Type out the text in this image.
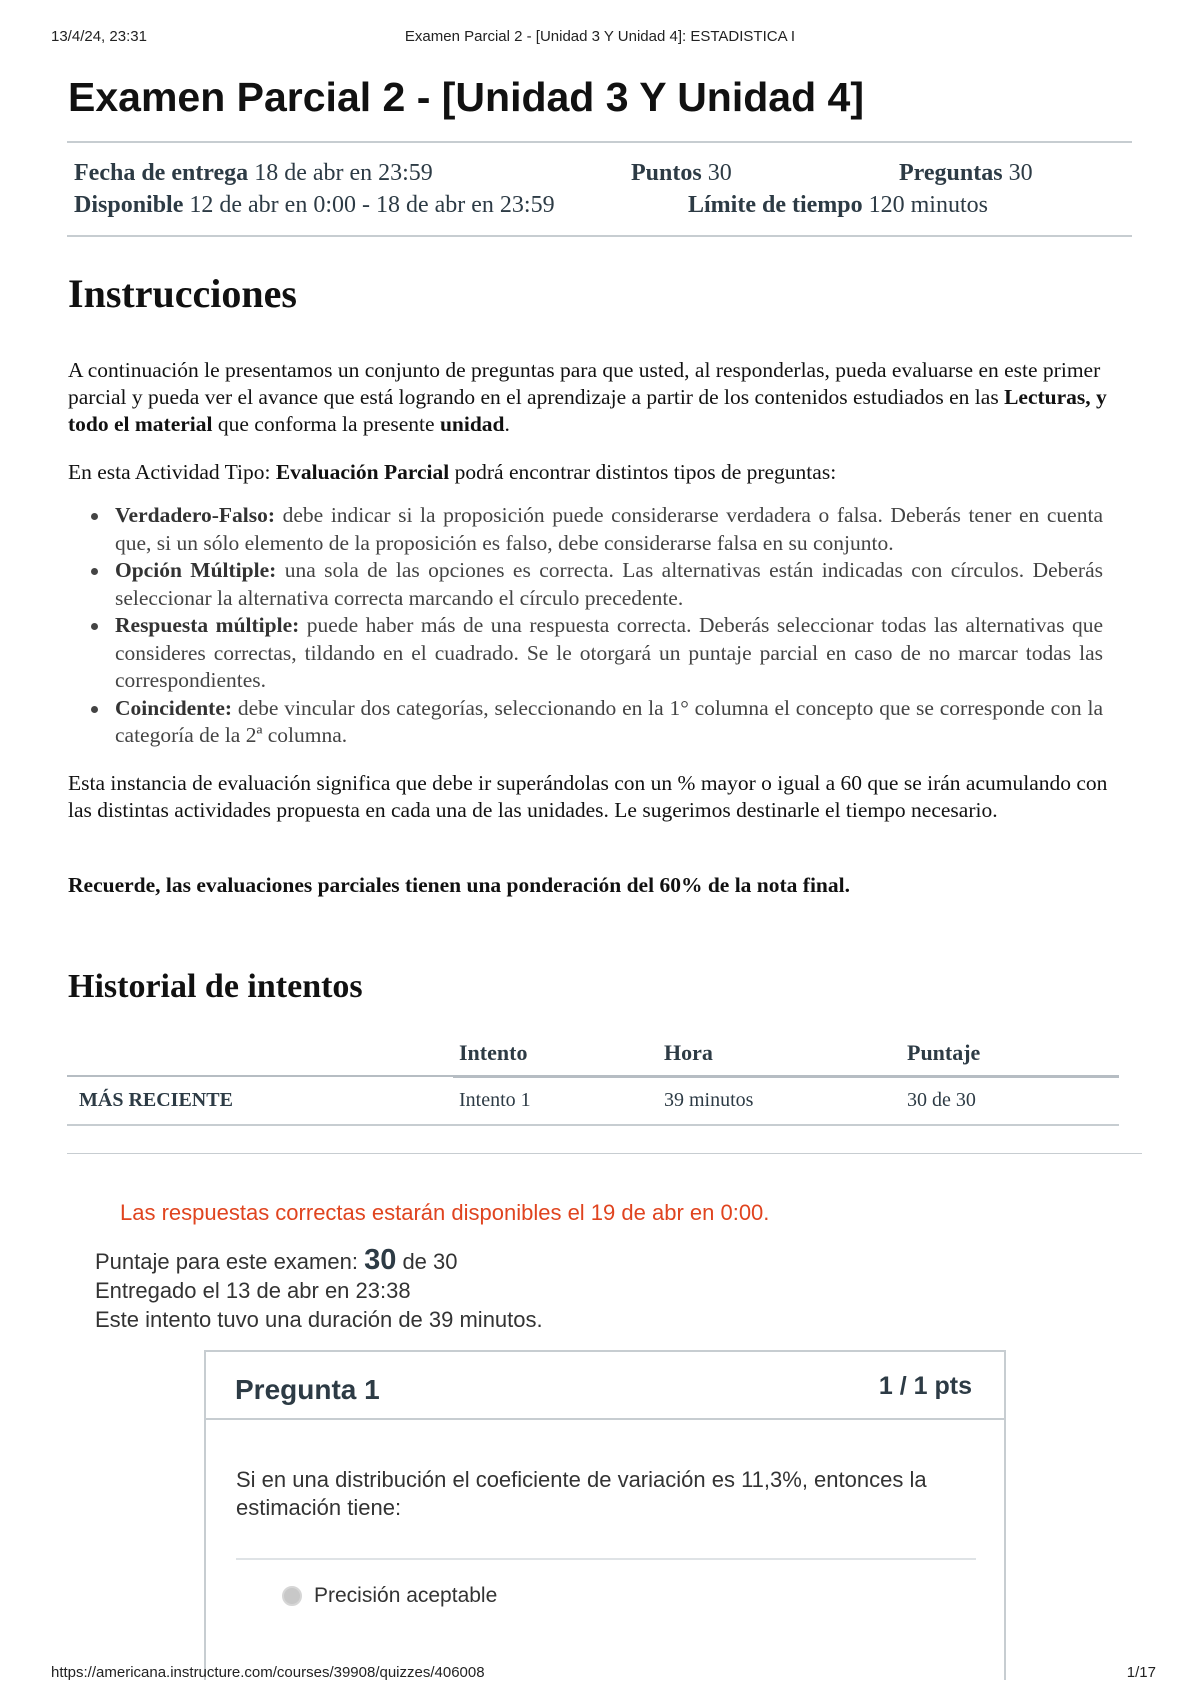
13/4/24, 23:31	Examen Parcial 2 - [Unidad 3 Y Unidad 4]: ESTADISTICA I
Examen Parcial 2 - [Unidad 3 Y Unidad 4]
Fecha de entrega 18 de abr en 23:59	Puntos 30	Preguntas 30
Disponible 12 de abr en 0:00 - 18 de abr en 23:59	Límite de tiempo 120 minutos
Instrucciones

A continuación le presentamos un conjunto de preguntas para que usted, al responderlas, pueda evaluarse en este primer parcial y pueda ver el avance que está logrando en el aprendizaje a partir de los contenidos estudiados en las Lecturas, y todo el material que conforma la presente unidad.

En esta Actividad Tipo: Evaluación Parcial podrá encontrar distintos tipos de preguntas:

Verdadero-Falso: debe indicar si la proposición puede considerarse verdadera o falsa. Deberás tener en cuenta que, si un sólo elemento de la proposición es falso, debe considerarse falsa en su conjunto.
Opción Múltiple: una sola de las opciones es correcta. Las alternativas están indicadas con círculos. Deberás seleccionar la alternativa correcta marcando el círculo precedente.
Respuesta múltiple: puede haber más de una respuesta correcta. Deberás seleccionar todas las alternativas que consideres correctas, tildando en el cuadrado. Se le otorgará un puntaje parcial en caso de no marcar todas las correspondientes.
Coincidente: debe vincular dos categorías, seleccionando en la 1° columna el concepto que se corresponde con la categoría de la 2ª columna.

Esta instancia de evaluación significa que debe ir superándolas con un % mayor o igual a 60 que se irán acumulando con las distintas actividades propuesta en cada una de las unidades. Le sugerimos destinarle el tiempo necesario.

Recuerde, las evaluaciones parciales tienen una ponderación del 60% de la nota final.

Historial de intentos
	Intento	Hora	Puntaje
MÁS RECIENTE	Intento 1	39 minutos	30 de 30
Las respuestas correctas estarán disponibles el 19 de abr en 0:00.
Puntaje para este examen: 30 de 30
Entregado el 13 de abr en 23:38
Este intento tuvo una duración de 39 minutos.
Pregunta 1	1 / 1 pts
Si en una distribución el coeficiente de variación es 11,3%, entonces la estimación tiene:
Precisión aceptable
https://americana.instructure.com/courses/39908/quizzes/406008	1/17
